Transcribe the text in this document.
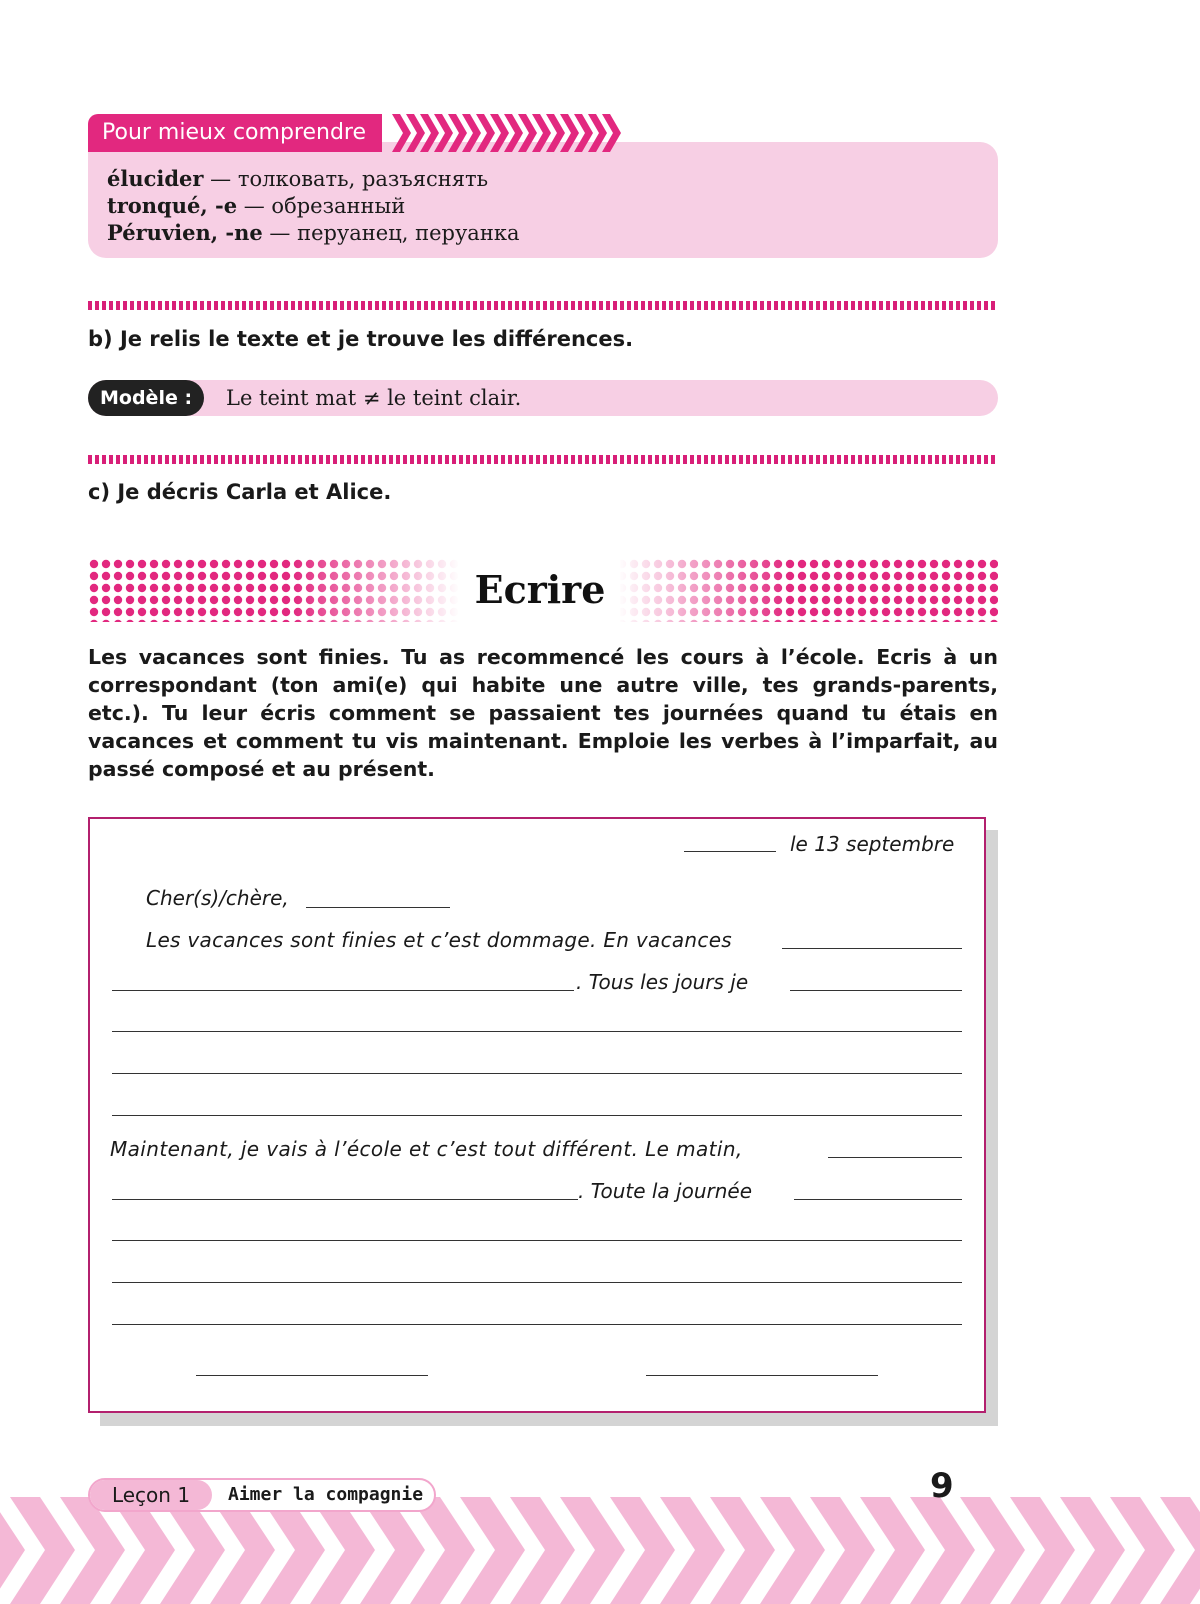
Pour mieux comprendre
élucider — толковать, разъяснять
tronqué, -e — обрезанный
Péruvien, -ne — перуанец, перуанка
b) Je relis le texte et je trouve les différences.
Modèle :	Le teint mat ≠ le teint clair.
c) Je décris Carla et Alice.
Ecrire
Les vacances sont finies. Tu as recommencé les cours à l’école. Ecris à un correspondant (ton ami(e) qui habite une autre ville, tes grands-parents, etc.). Tu leur écris comment se passaient tes journées quand tu étais en vacances et comment tu vis maintenant. Emploie les verbes à l’imparfait, au passé composé et au présent.
le 13 septembre
Cher(s)/chère,
Les vacances sont finies et c’est dommage. En vacances
. Tous les jours je
Maintenant, je vais à l’école et c’est tout différent. Le matin,
. Toute la journée
Leçon 1	Aimer la compagnie	9
